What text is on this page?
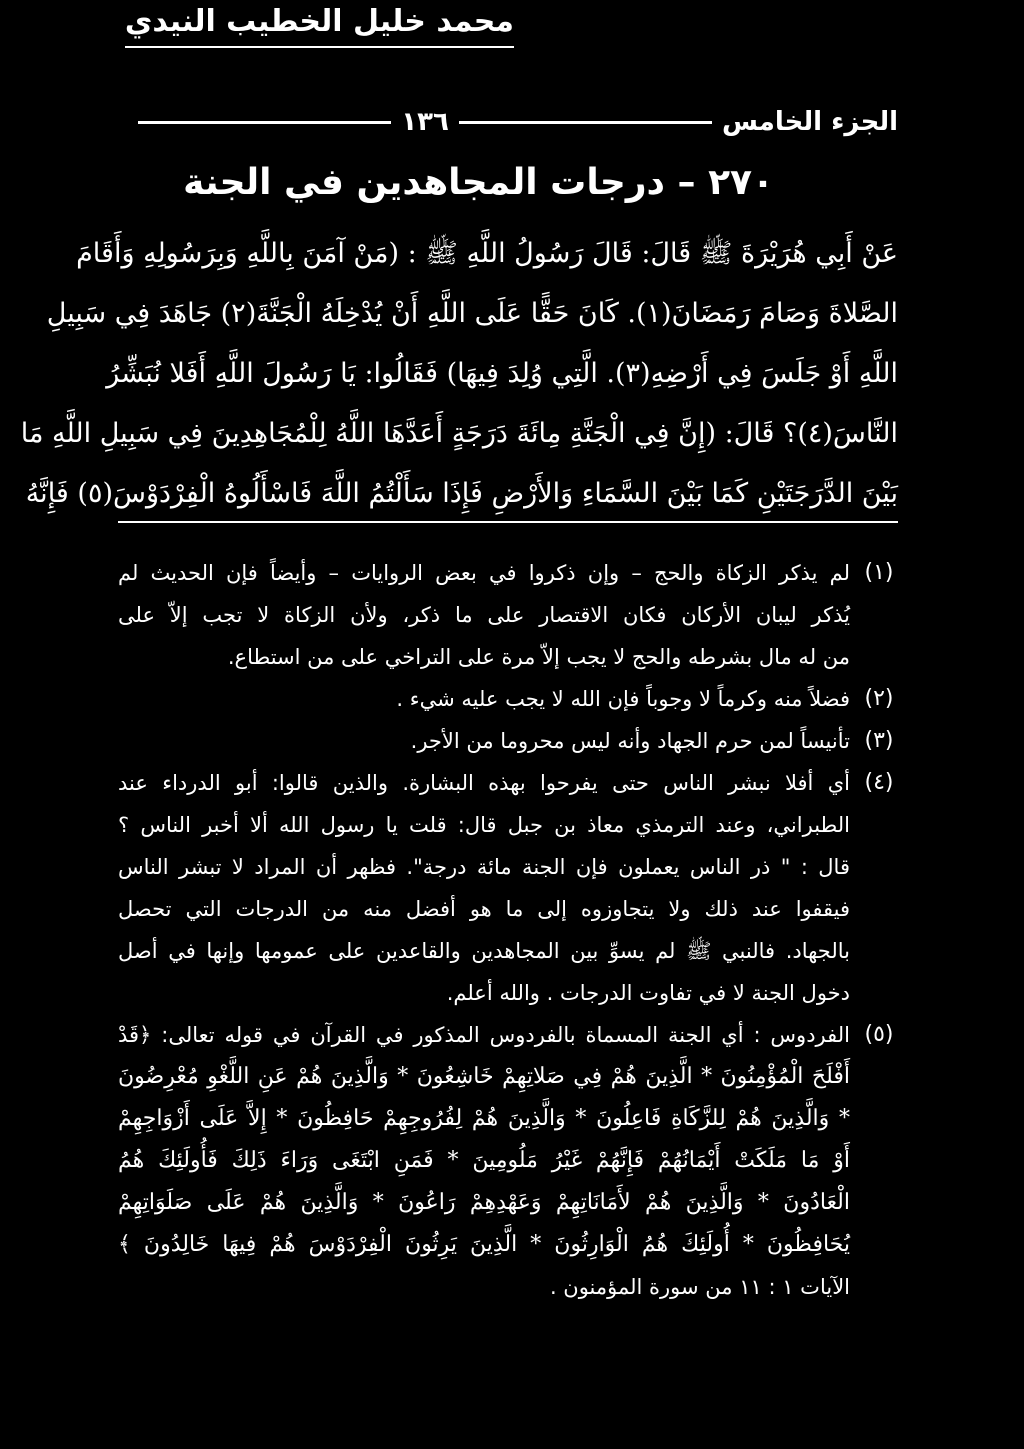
محمد خليل الخطيب النيدي
الجزء الخامس
١٣٦
٢٧٠ – درجات المجاهدين في الجنة

عَنْ أَبِي هُرَيْرَةَ ﷺ قَالَ: قَالَ رَسُولُ اللَّهِ ﷺ : (مَنْ آمَنَ بِاللَّهِ وَبِرَسُولِهِ وَأَقَامَ

الصَّلاةَ وَصَامَ رَمَضَانَ(١). كَانَ حَقًّا عَلَى اللَّهِ أَنْ يُدْخِلَهُ الْجَنَّةَ(٢) جَاهَدَ فِي سَبِيلِ

اللَّهِ أَوْ جَلَسَ فِي أَرْضِهِ(٣). الَّتِي وُلِدَ فِيهَا) فَقَالُوا: يَا رَسُولَ اللَّهِ أَفَلا نُبَشِّرُ

النَّاسَ(٤)؟ قَالَ: (إِنَّ فِي الْجَنَّةِ مِائَةَ دَرَجَةٍ أَعَدَّهَا اللَّهُ لِلْمُجَاهِدِينَ فِي سَبِيلِ اللَّهِ مَا

بَيْنَ الدَّرَجَتَيْنِ كَمَا بَيْنَ السَّمَاءِ وَالأَرْضِ فَإِذَا سَأَلْتُمُ اللَّهَ فَاسْأَلُوهُ الْفِرْدَوْسَ(٥) فَإِنَّهُ

(١)
لم يذكر الزكاة والحج – وإن ذكروا في بعض الروايات – وأيضاً فإن الحديث لم
يُذكر ليبان الأركان فكان الاقتصار على ما ذكر، ولأن الزكاة لا تجب إلاّ على
من له مال بشرطه والحج لا يجب إلاّ مرة على التراخي على من استطاع.
(٢)
فضلاً منه وكرماً لا وجوباً فإن الله لا يجب عليه شيء .
(٣)
تأنيساً لمن حرم الجهاد وأنه ليس محروما من الأجر.
(٤)
أي أفلا نبشر الناس حتى يفرحوا بهذه البشارة. والذين قالوا: أبو الدرداء عند
الطبراني، وعند الترمذي معاذ بن جبل قال: قلت يا رسول الله ألا أخبر الناس ؟
قال : " ذر الناس يعملون فإن الجنة مائة درجة". فظهر أن المراد لا تبشر الناس
فيقفوا عند ذلك ولا يتجاوزوه إلى ما هو أفضل منه من الدرجات التي تحصل
بالجهاد. فالنبي ﷺ لم يسوِّ بين المجاهدين والقاعدين على عمومها وإنها في أصل
دخول الجنة لا في تفاوت الدرجات . والله أعلم.
(٥)
الفردوس : أي الجنة المسماة بالفردوس المذكور في القرآن في قوله تعالى: ﴿قَدْ
أَفْلَحَ الْمُؤْمِنُونَ * الَّذِينَ هُمْ فِي صَلاتِهِمْ خَاشِعُونَ * وَالَّذِينَ هُمْ عَنِ اللَّغْوِ مُعْرِضُونَ
* وَالَّذِينَ هُمْ لِلزَّكَاةِ فَاعِلُونَ * وَالَّذِينَ هُمْ لِفُرُوجِهِمْ حَافِظُونَ * إِلاَّ عَلَى أَزْوَاجِهِمْ
أَوْ مَا مَلَكَتْ أَيْمَانُهُمْ فَإِنَّهُمْ غَيْرُ مَلُومِينَ * فَمَنِ ابْتَغَى وَرَاءَ ذَلِكَ فَأُولَئِكَ هُمُ
الْعَادُونَ * وَالَّذِينَ هُمْ لأَمَانَاتِهِمْ وَعَهْدِهِمْ رَاعُونَ * وَالَّذِينَ هُمْ عَلَى صَلَوَاتِهِمْ
يُحَافِظُونَ * أُولَئِكَ هُمُ الْوَارِثُونَ * الَّذِينَ يَرِثُونَ الْفِرْدَوْسَ هُمْ فِيهَا خَالِدُونَ ﴾
الآيات ١ : ١١ من سورة المؤمنون .
